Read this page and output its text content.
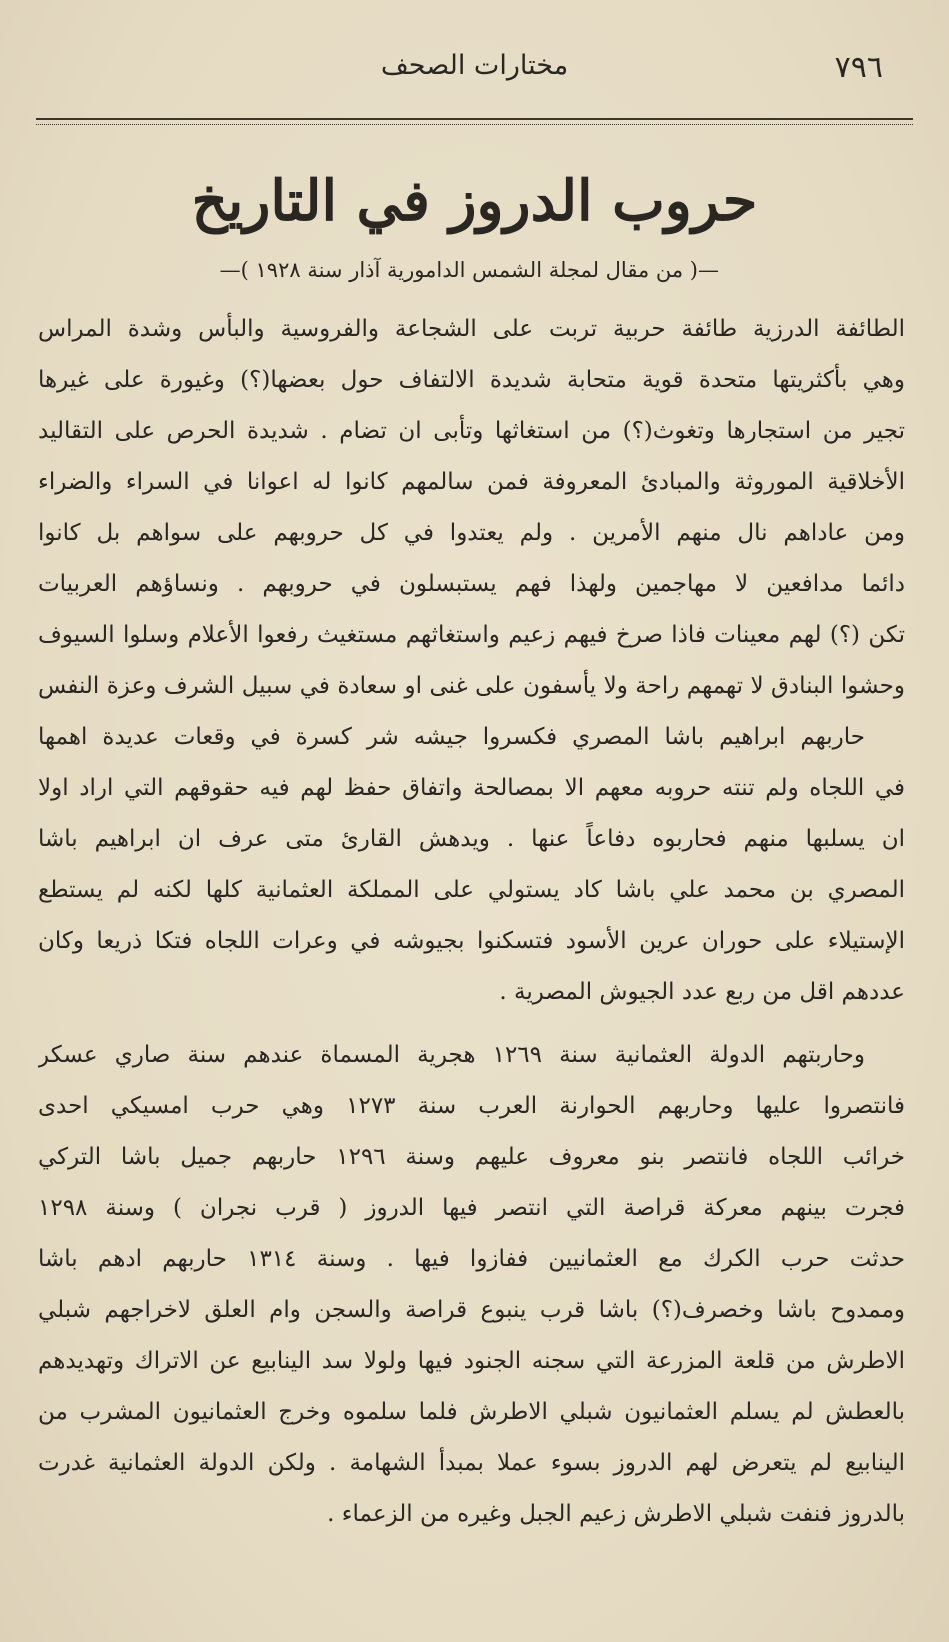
٧٩٦
مختارات الصحف
حروب الدروز في التاريخ
—( من مقال لمجلة الشمس الدامورية آذار سنة ١٩٢٨ )—
الطائفة الدرزية طائفة حربية تربت على الشجاعة والفروسية والبأس وشدة المراس
وهي بأكثريتها متحدة قوية متحابة شديدة الالتفاف حول بعضها(؟) وغيورة على غيرها
تجير من استجارها وتغوث(؟) من استغاثها وتأبى ان تضام . شديدة الحرص على التقاليد
الأخلاقية الموروثة والمبادئ المعروفة فمن سالمهم كانوا له اعوانا في السراء والضراء
ومن عاداهم نال منهم الأمرين . ولم يعتدوا في كل حروبهم على سواهم بل كانوا
دائما مدافعين لا مهاجمين ولهذا فهم يستبسلون في حروبهم . ونساؤهم العربيات
تكن (؟) لهم معينات فاذا صرخ فيهم زعيم واستغاثهم مستغيث رفعوا الأعلام وسلوا السيوف
وحشوا البنادق لا تهمهم راحة ولا يأسفون على غنى او سعادة في سبيل الشرف وعزة النفس
حاربهم ابراهيم باشا المصري فكسروا جيشه شر كسرة في وقعات عديدة اهمها
في اللجاه ولم تنته حروبه معهم الا بمصالحة واتفاق حفظ لهم فيه حقوقهم التي اراد اولا
ان يسلبها منهم فحاربوه دفاعاً عنها . ويدهش القارئ متى عرف ان ابراهيم باشا
المصري بن محمد علي باشا كاد يستولي على المملكة العثمانية كلها لكنه لم يستطع
الإستيلاء على حوران عرين الأسود فتسكنوا بجيوشه في وعرات اللجاه فتكا ذريعا وكان
عددهم اقل من ربع عدد الجيوش المصرية .
وحاربتهم الدولة العثمانية سنة ١٢٦٩ هجرية المسماة عندهم سنة صاري عسكر
فانتصروا عليها وحاربهم الحوارنة العرب سنة ١٢٧٣ وهي حرب امسيكي احدى
خرائب اللجاه فانتصر بنو معروف عليهم وسنة ١٢٩٦ حاربهم جميل باشا التركي
فجرت بينهم معركة قراصة التي انتصر فيها الدروز ( قرب نجران ) وسنة ١٢٩٨
حدثت حرب الكرك مع العثمانيين ففازوا فيها . وسنة ١٣١٤ حاربهم ادهم باشا
وممدوح باشا وخصرف(؟) باشا قرب ينبوع قراصة والسجن وام العلق لاخراجهم شبلي
الاطرش من قلعة المزرعة التي سجنه الجنود فيها ولولا سد الينابيع عن الاتراك وتهديدهم
بالعطش لم يسلم العثمانيون شبلي الاطرش فلما سلموه وخرج العثمانيون المشرب من
الينابيع لم يتعرض لهم الدروز بسوء عملا بمبدأ الشهامة . ولكن الدولة العثمانية غدرت
بالدروز فنفت شبلي الاطرش زعيم الجبل وغيره من الزعماء .
